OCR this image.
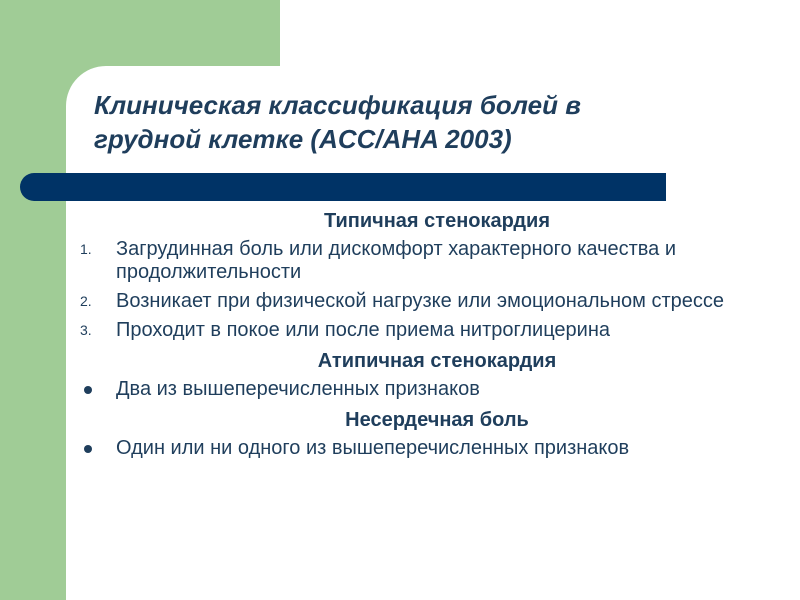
Клиническая классификация болей в
грудной клетке (ACC/AHA 2003)
Типичная стенокардия
1. Загрудинная боль или дискомфорт характерного качества и продолжительности
2. Возникает при физической нагрузке или эмоциональном стрессе
3. Проходит в покое или после приема нитроглицерина
Атипичная стенокардия
Два из вышеперечисленных признаков
Несердечная боль
Один или ни одного из вышеперечисленных признаков
